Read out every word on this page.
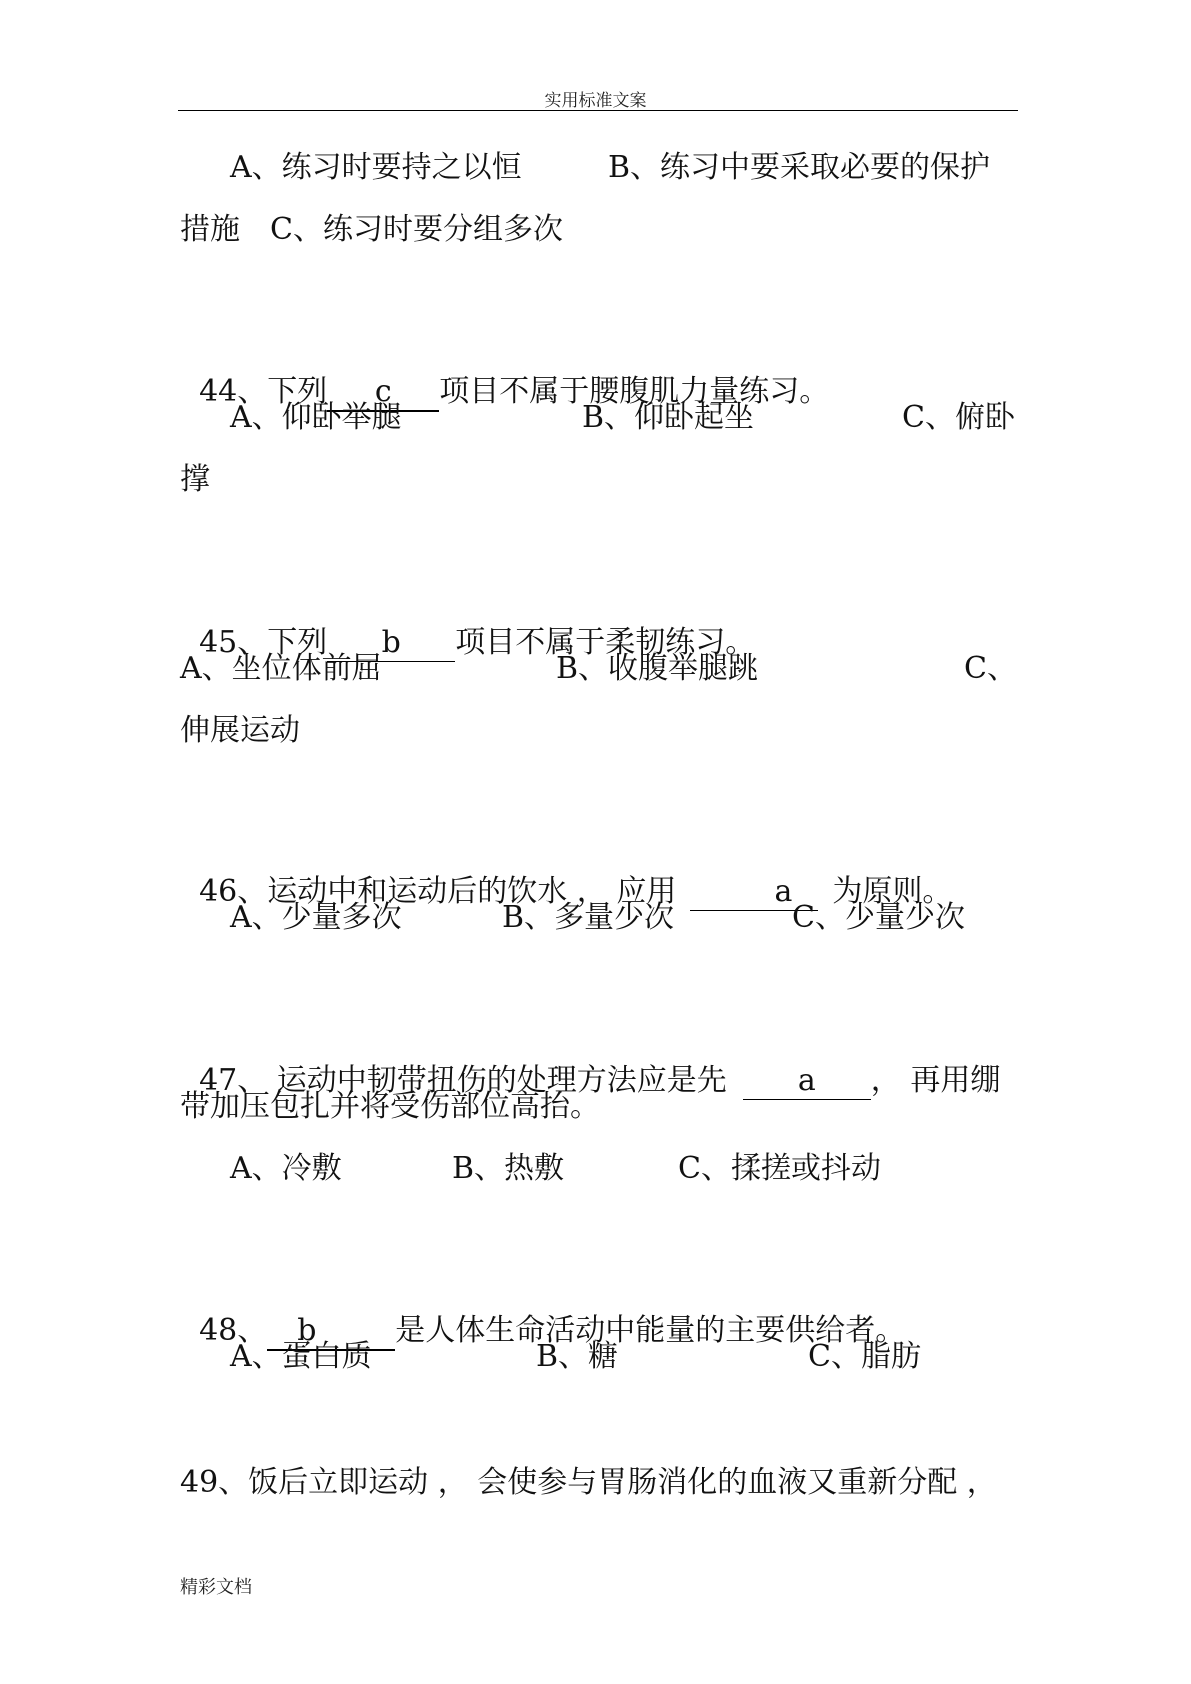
实用标准文案
A、练习时要持之以恒	B、练习中要采取必要的保护
措施　C、练习时要分组多次

44、下列 c 项目不属于腰腹肌力量练习。

A、仰卧举腿	B、仰卧起坐	C、俯卧
撑

45、下列 b 项目不属于柔韧练习。

A、坐位体前屈	B、收腹举腿跳	C、
伸展运动

46、运动中和运动后的饮水 ， 应用	a 为原则。

A、少量多次	B、多量少次	C、少量少次

47、 运动中韧带扭伤的处理方法应是先 a ， 再用绷

带加压包扎并将受伤部位高抬。
A、冷敷	B、热敷	C、揉搓或抖动

48、 b	是人体生命活动中能量的主要供给者。

A、蛋白质	B、糖	C、脂肪
49、饭后立即运动 ， 会使参与胃肠消化的血液又重新分配 ，
精彩文档
